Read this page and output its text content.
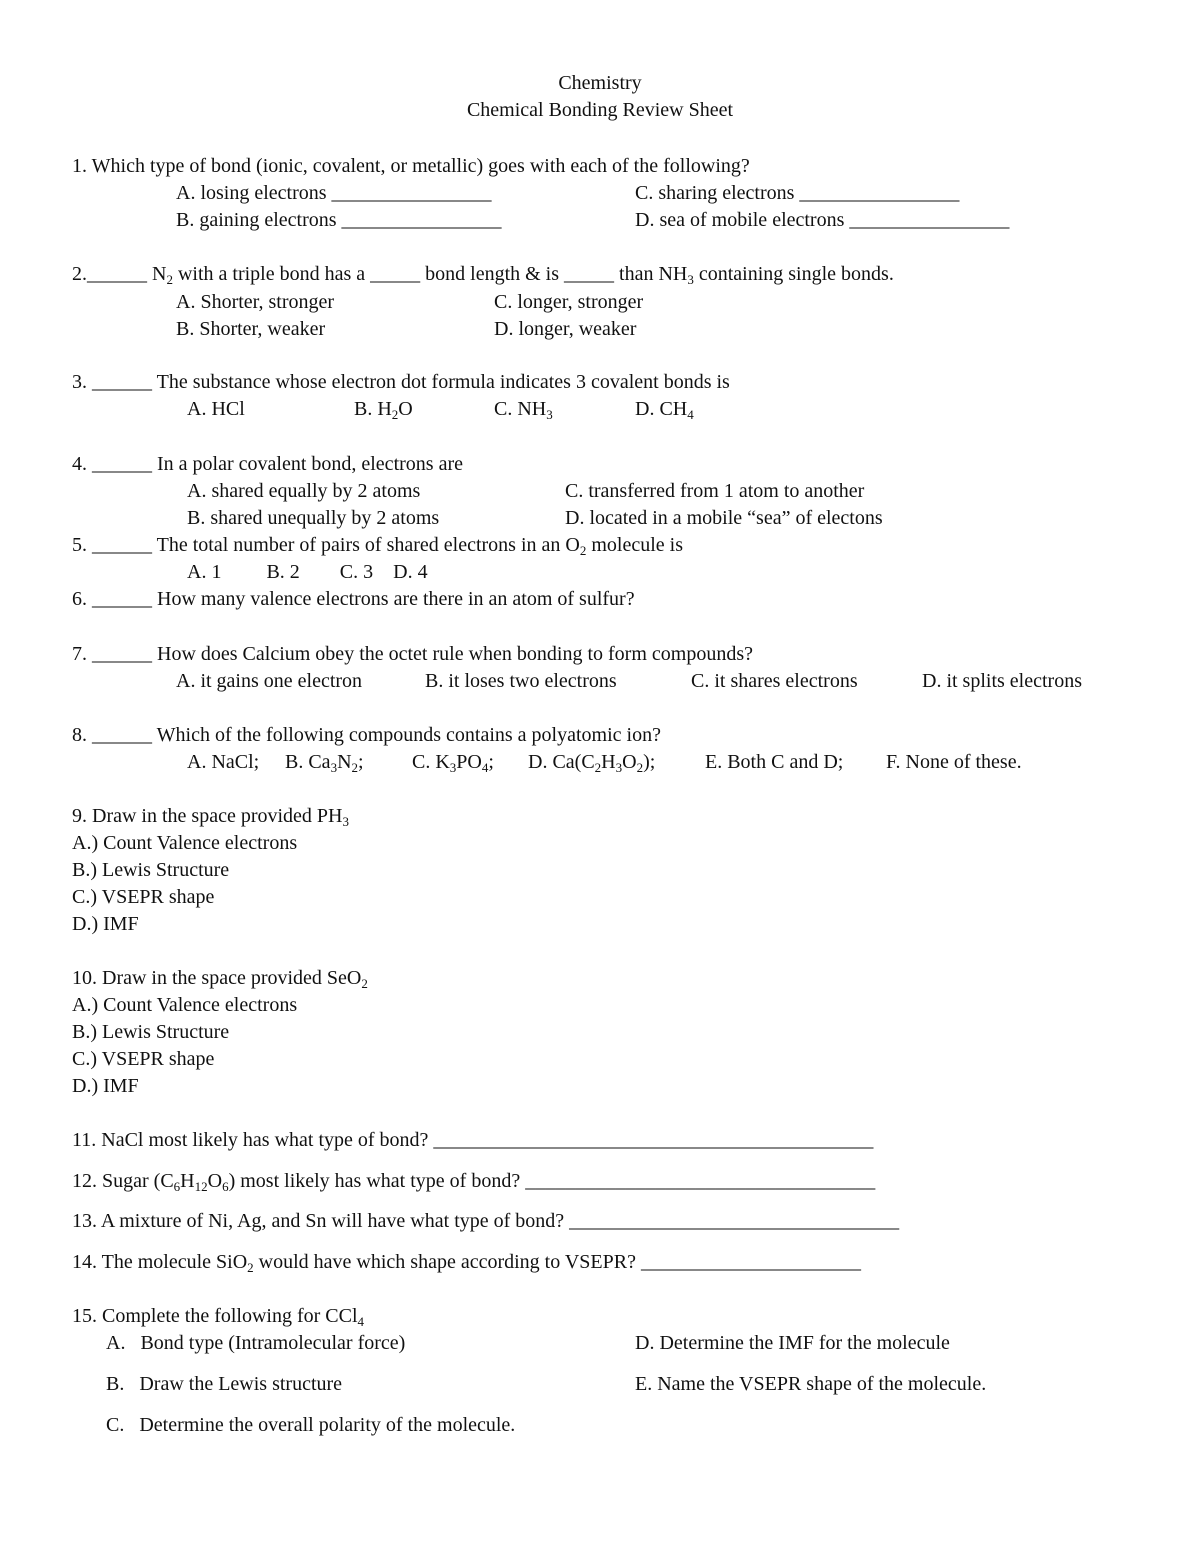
Chemistry
Chemical Bonding Review Sheet
1. Which type of bond (ionic, covalent, or metallic) goes with each of the following?
A. losing electrons ________________
B. gaining electrons ________________
C. sharing electrons ________________
D. sea of mobile electrons ________________
2.______ $N_2$ with a triple bond has a _____ bond length & is _____ than $NH_3$ containing single bonds.
A. Shorter, stronger
B. Shorter, weaker
C. longer, stronger
D. longer, weaker
3. ______ The substance whose electron dot formula indicates 3 covalent bonds is
A. HCl	B. $H_2O$	C. $NH_3$	D. $CH_4$
4. ______ In a polar covalent bond, electrons are
A. shared equally by 2 atoms
B. shared unequally by 2 atoms
C. transferred from 1 atom to another
D. located in a mobile “sea” of electons
5. ______ The total number of pairs of shared electrons in an $O_2$ molecule is
A. 1         B. 2        C. 3    D. 4
6. ______ How many valence electrons are there in an atom of sulfur?
7. ______ How does Calcium obey the octet rule when bonding to form compounds?
A. it gains one electron	B. it loses two electrons	C. it shares electrons	D. it splits electrons
8. ______ Which of the following compounds contains a polyatomic ion?
A. NaCl; B. $Ca_3N_2$; C. $K_3PO_4$; D. $Ca(C_2H_3O_2)$; E. Both C and D; F. None of these.
9. Draw in the space provided $PH_3$
A.) Count Valence electrons
B.) Lewis Structure
C.) VSEPR shape
D.) IMF
10. Draw in the space provided SeO$_2$
A.) Count Valence electrons
B.) Lewis Structure
C.) VSEPR shape
D.) IMF
11. NaCl most likely has what type of bond? ____________________________________________
12. Sugar $(C_6H_{12}O_6)$ most likely has what type of bond? ___________________________________
13. A mixture of Ni, Ag, and Sn will have what type of bond? _________________________________
14. The molecule SiO$_2$ would have which shape according to VSEPR? ______________________
15. Complete the following for CCl$_4$
A.   Bond type (Intramolecular force)
B.   Draw the Lewis structure
C.   Determine the overall polarity of the molecule.
D. Determine the IMF for the molecule
E. Name the VSEPR shape of the molecule.
